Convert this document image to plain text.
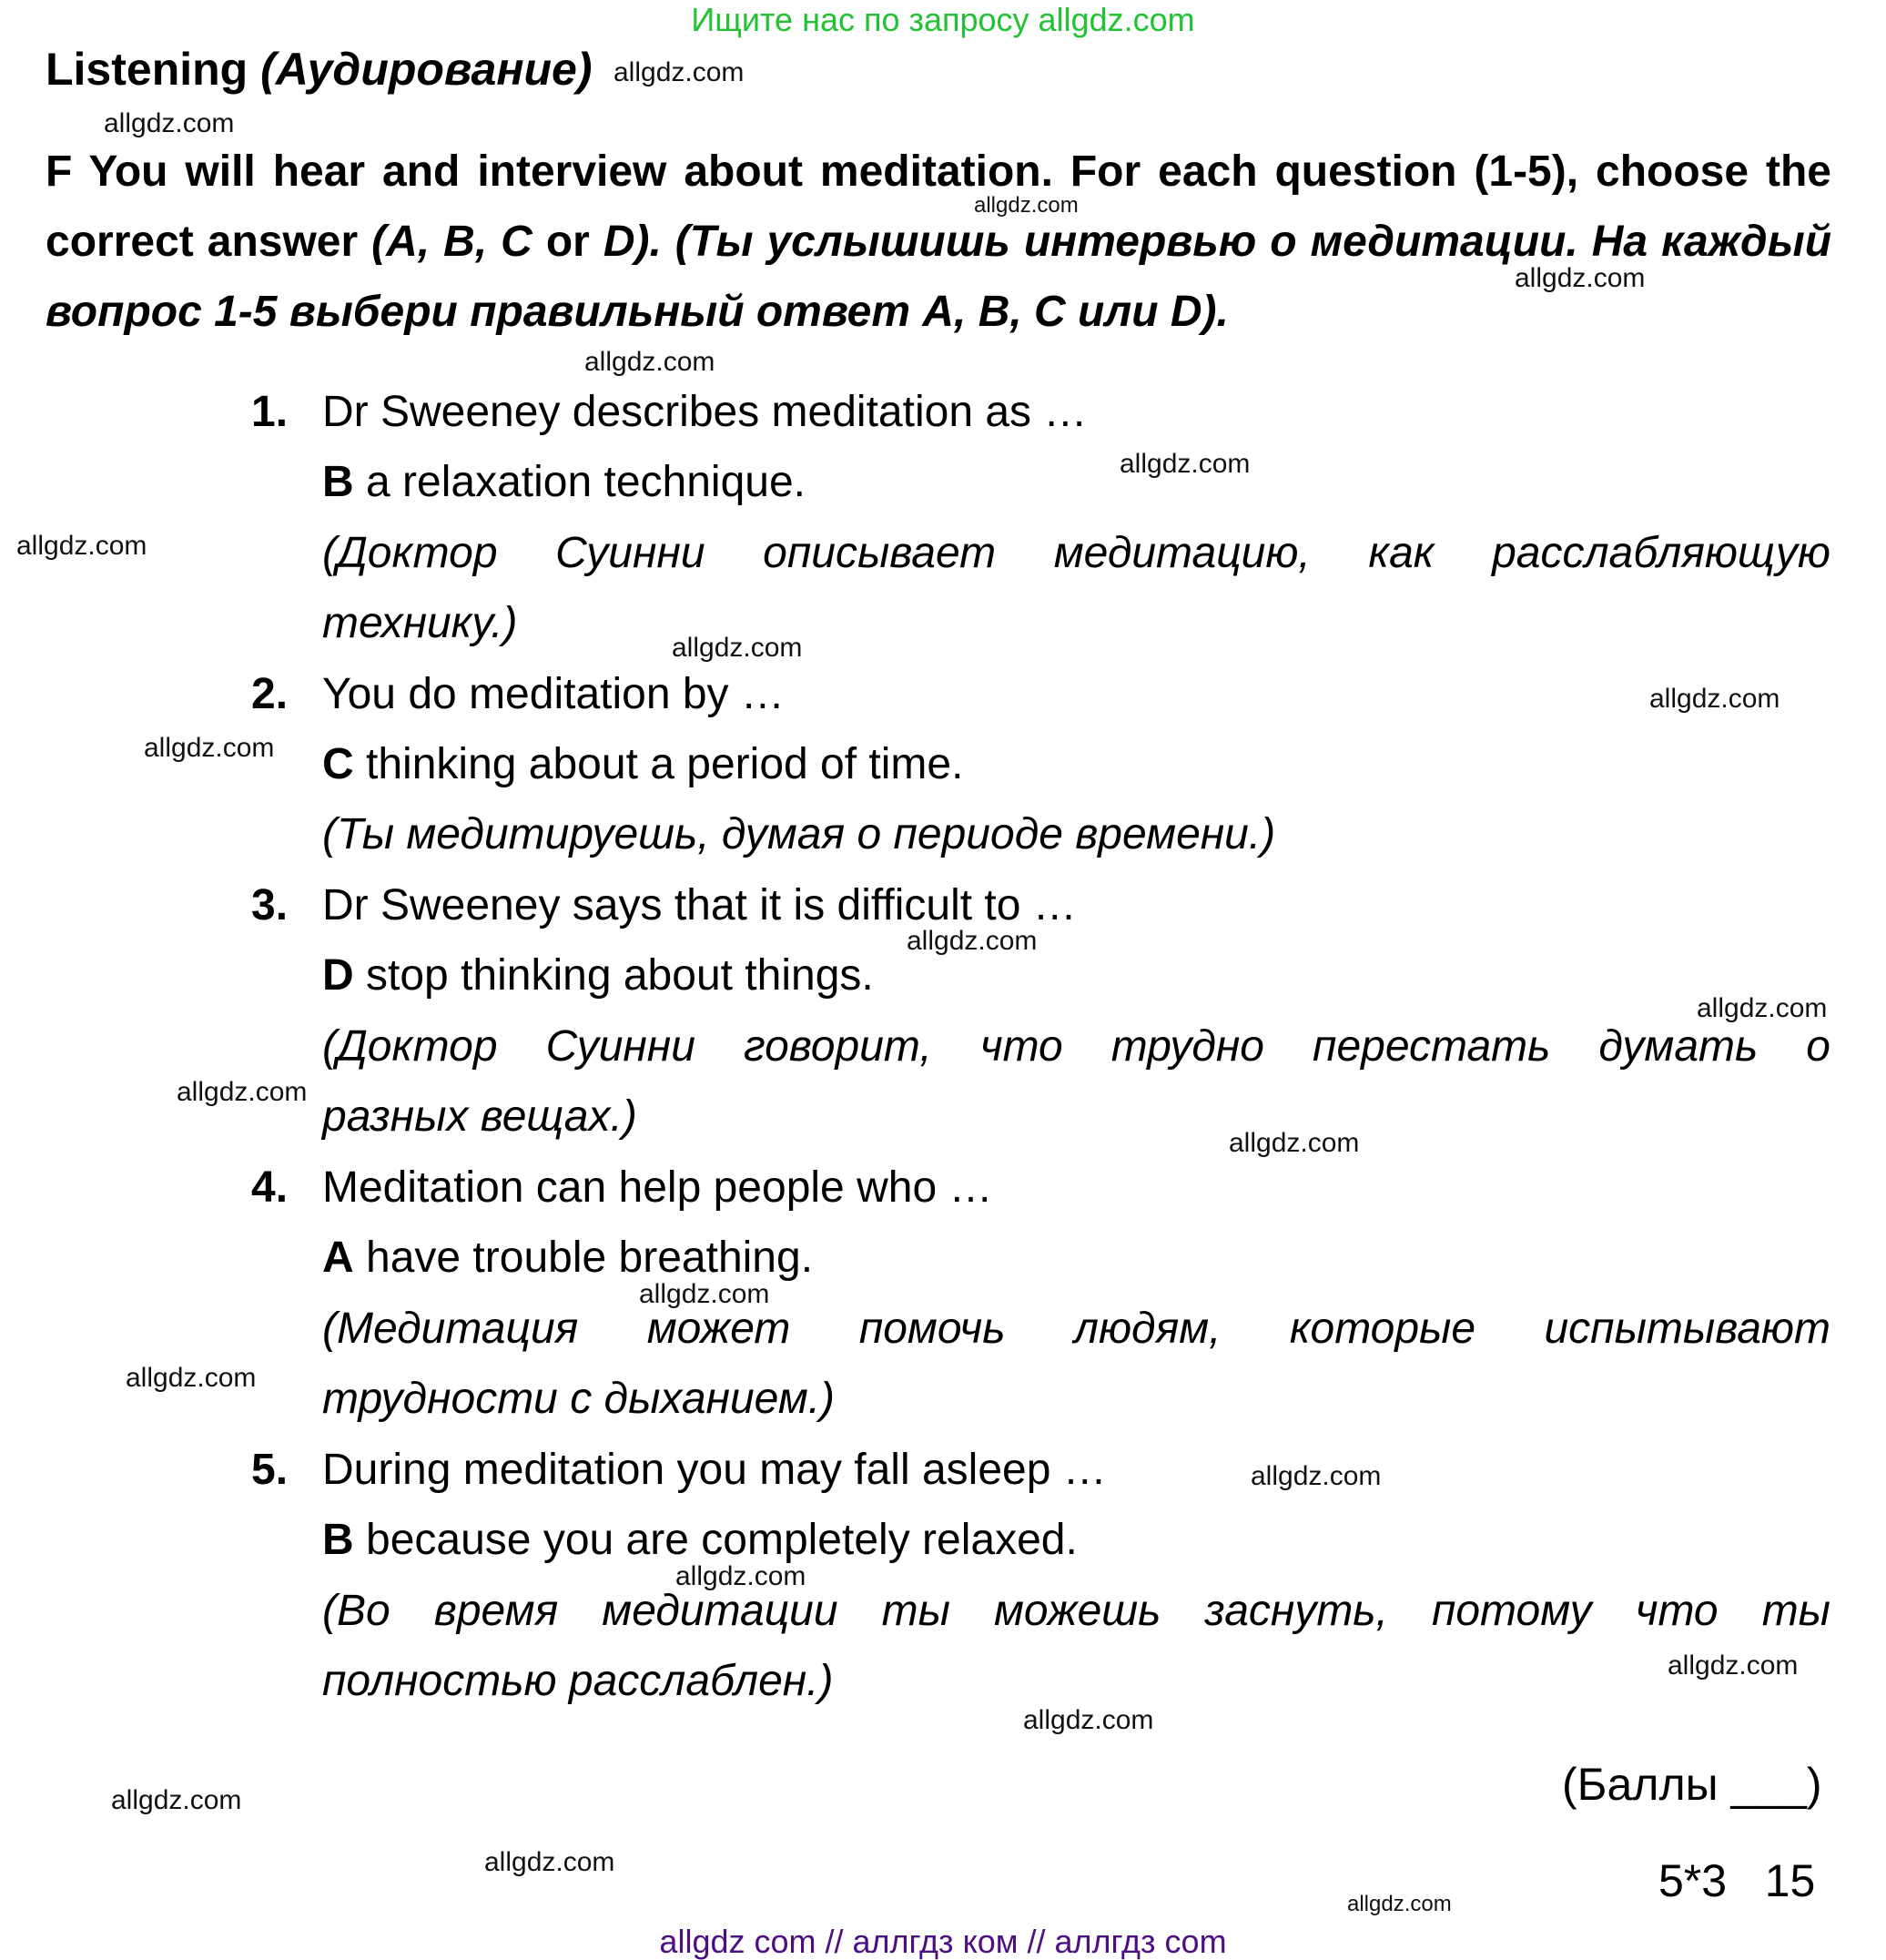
Ищите нас по запросу allgdz.com
Listening (Аудирование)
F You will hear and interview about meditation. For each question (1-5), choose the correct answer (A, B, C or D). (Ты услышишь интервью о медитации. На каждый вопрос 1-5 выбери правильный ответ A, B, C или D).
1. Dr Sweeney describes meditation as …
B a relaxation technique.
(Доктор Суинни описывает медитацию, как расслабляющую
технику.)
2. You do meditation by …
C thinking about a period of time.
(Ты медитируешь, думая о периоде времени.)
3. Dr Sweeney says that it is difficult to …
D stop thinking about things.
(Доктор Суинни говорит, что трудно перестать думать о
разных вещах.)
4. Meditation can help people who …
A have trouble breathing.
(Медитация может помочь людям, которые испытывают
трудности с дыханием.)
5. During meditation you may fall asleep …
B because you are completely relaxed.
(Во время медитации ты можешь заснуть, потому что ты
полностью расслаблен.)
(Баллы ___)
5*3   15
allgdz.com
allgdz.com
allgdz.com
allgdz.com
allgdz.com
allgdz.com
allgdz.com
allgdz.com
allgdz.com
allgdz.com
allgdz.com
allgdz.com
allgdz.com
allgdz.com
allgdz.com
allgdz.com
allgdz.com
allgdz.com
allgdz.com
allgdz.com
allgdz.com
allgdz.com
allgdz.com
allgdz com // аллгдз ком // аллгдз com
